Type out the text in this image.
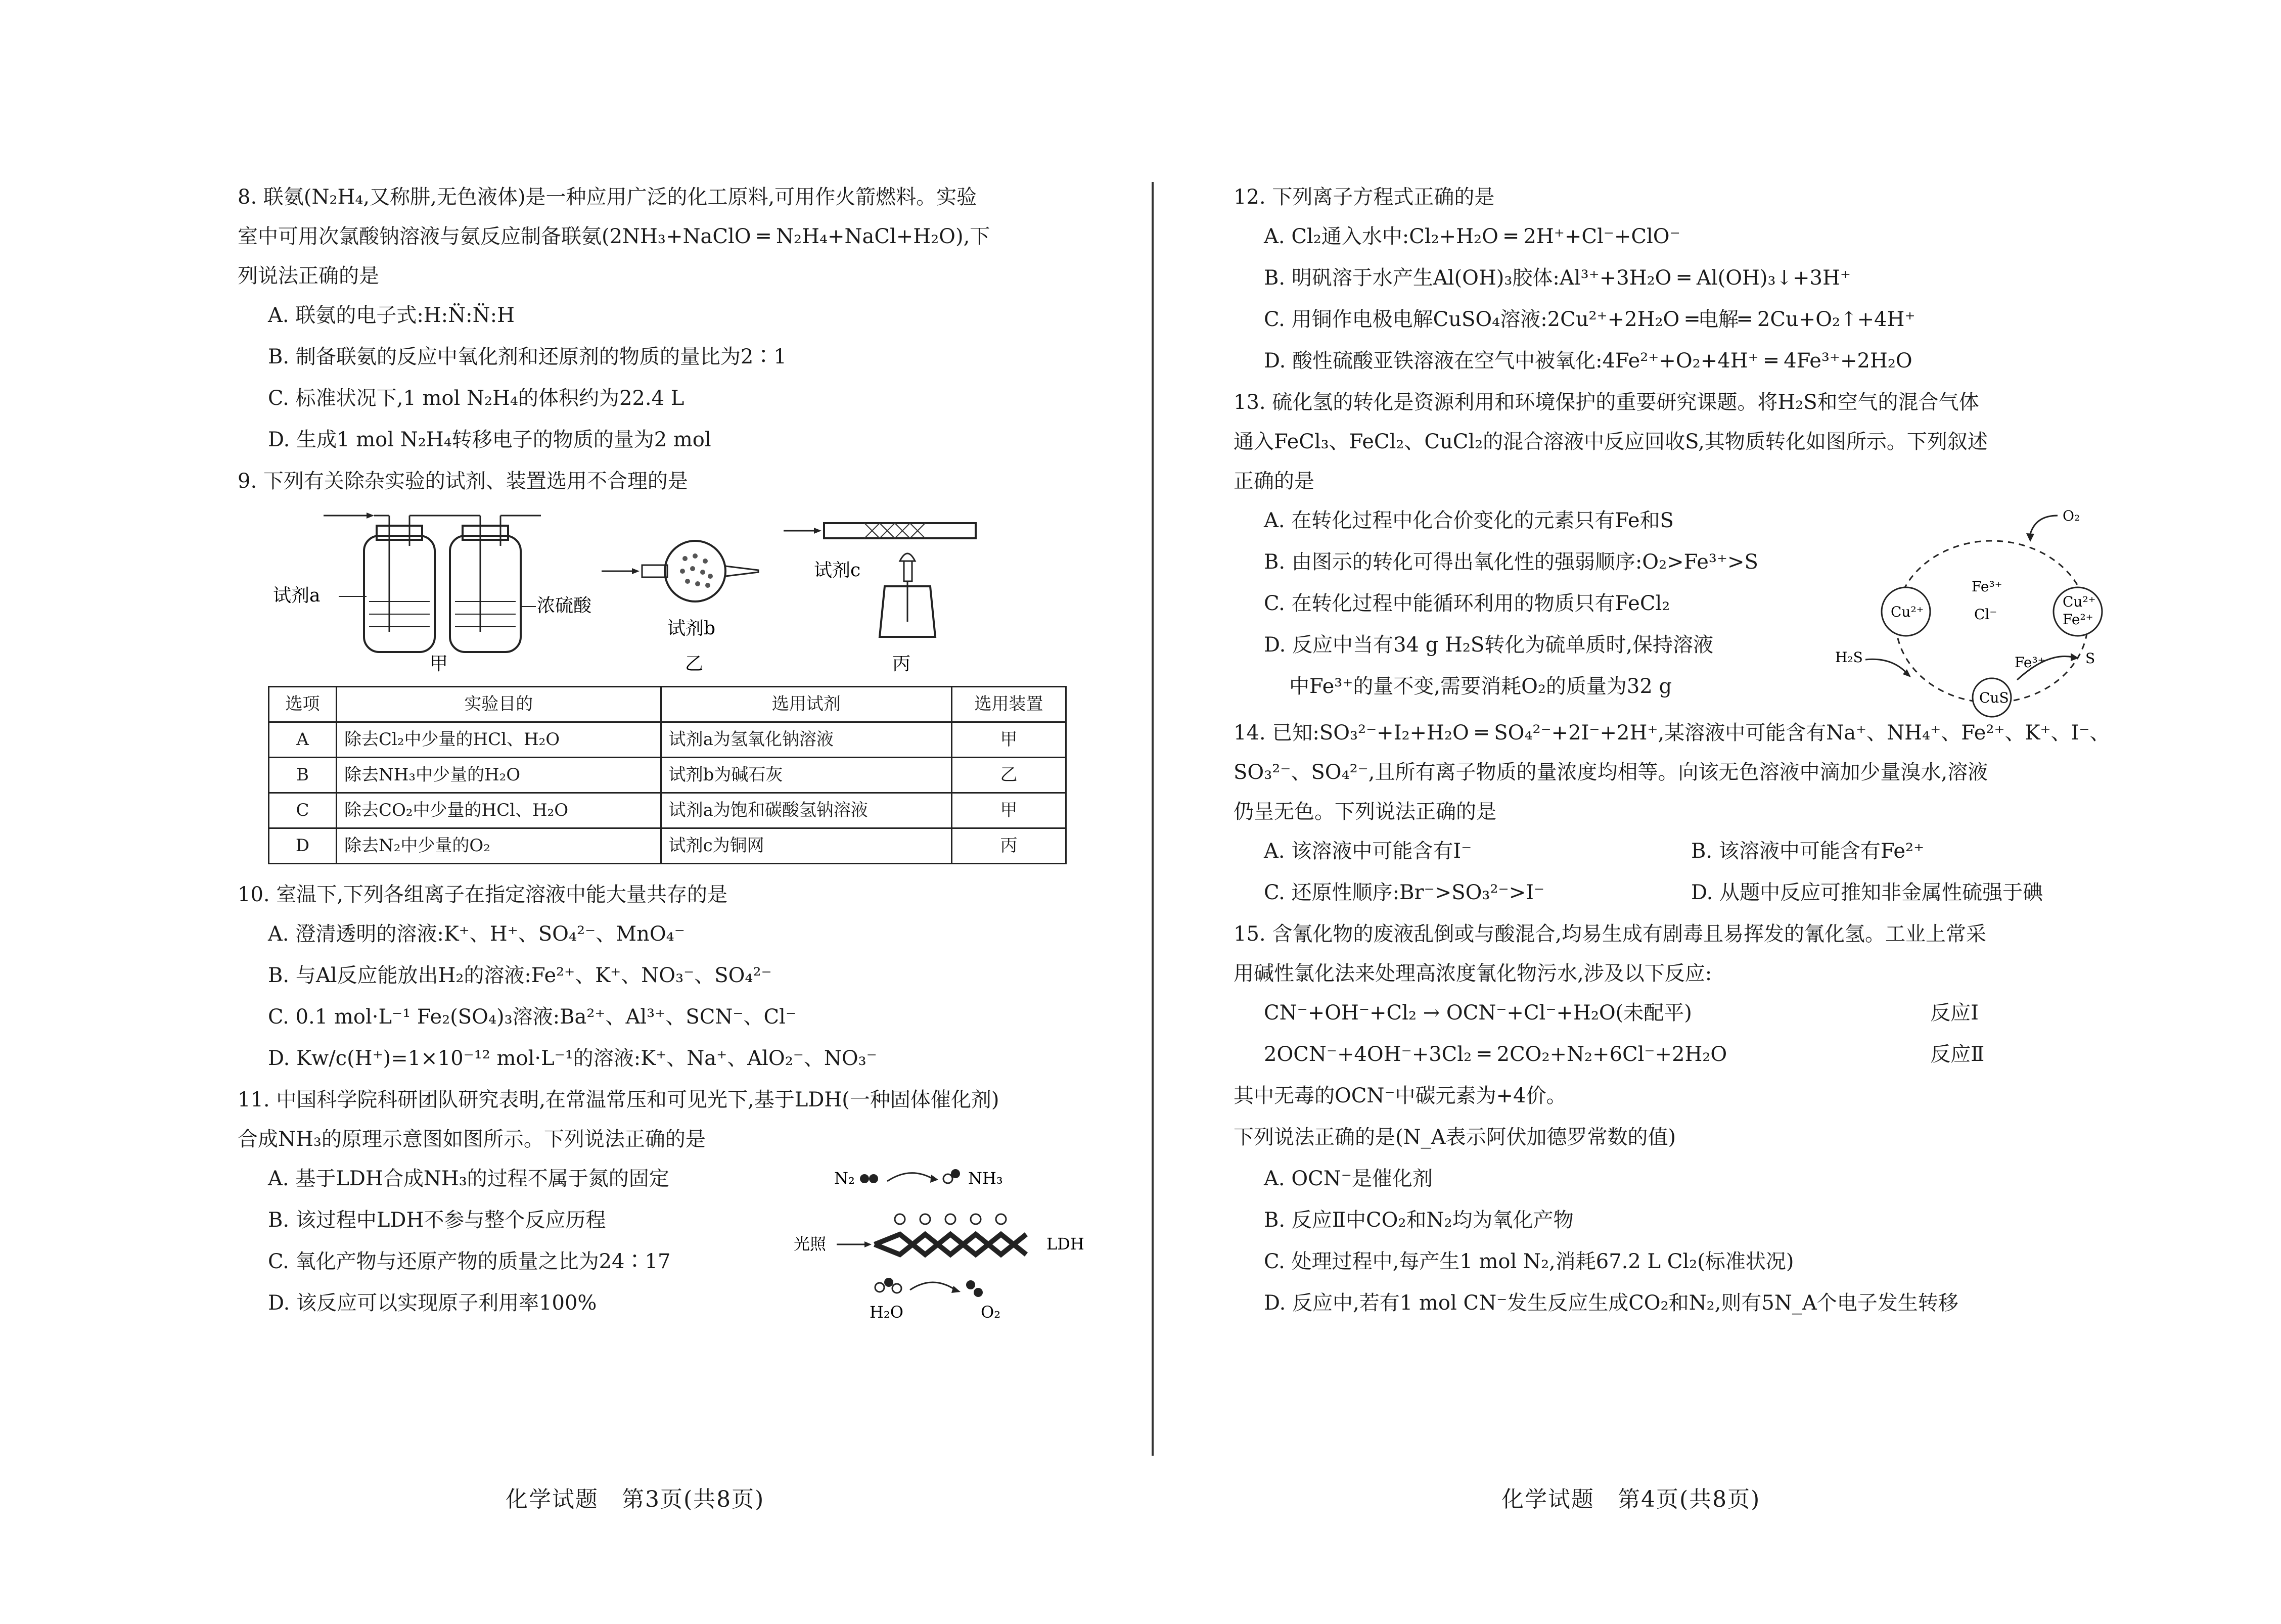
8. 联氨(N₂H₄,又称肼,无色液体)是一种应用广泛的化工原料,可用作火箭燃料。实验
室中可用次氯酸钠溶液与氨反应制备联氨(2NH₃+NaClO ═ N₂H₄+NaCl+H₂O),下
列说法正确的是
A. 联氨的电子式:H:N̈:N̈:H
B. 制备联氨的反应中氧化剂和还原剂的物质的量比为2∶1
C. 标准状况下,1 mol N₂H₄的体积约为22.4 L
D. 生成1 mol N₂H₄转移电子的物质的量为2 mol
9. 下列有关除杂实验的试剂、装置选用不合理的是
试剂a	浓硫酸
甲
试剂b
乙
试剂c
丙
选项	实验目的	选用试剂	选用装置
A	除去Cl₂中少量的HCl、H₂O	试剂a为氢氧化钠溶液	甲
B	除去NH₃中少量的H₂O	试剂b为碱石灰	乙
C	除去CO₂中少量的HCl、H₂O	试剂a为饱和碳酸氢钠溶液	甲
D	除去N₂中少量的O₂	试剂c为铜网	丙
10. 室温下,下列各组离子在指定溶液中能大量共存的是
A. 澄清透明的溶液:K⁺、H⁺、SO₄²⁻、MnO₄⁻
B. 与Al反应能放出H₂的溶液:Fe²⁺、K⁺、NO₃⁻、SO₄²⁻
C. 0.1 mol·L⁻¹ Fe₂(SO₄)₃溶液:Ba²⁺、Al³⁺、SCN⁻、Cl⁻
D. Kw/c(H⁺)=1×10⁻¹² mol·L⁻¹的溶液:K⁺、Na⁺、AlO₂⁻、NO₃⁻
11. 中国科学院科研团队研究表明,在常温常压和可见光下,基于LDH(一种固体催化剂)
合成NH₃的原理示意图如图所示。下列说法正确的是
A. 基于LDH合成NH₃的过程不属于氮的固定
B. 该过程中LDH不参与整个反应历程
C. 氧化产物与还原产物的质量之比为24∶17
D. 该反应可以实现原子利用率100%
N₂	NH₃
光照	LDH
H₂O	O₂
12. 下列离子方程式正确的是
A. Cl₂通入水中:Cl₂+H₂O ═ 2H⁺+Cl⁻+ClO⁻
B. 明矾溶于水产生Al(OH)₃胶体:Al³⁺+3H₂O ═ Al(OH)₃↓+3H⁺
C. 用铜作电极电解CuSO₄溶液:2Cu²⁺+2H₂O ═电解═ 2Cu+O₂↑+4H⁺
D. 酸性硫酸亚铁溶液在空气中被氧化:4Fe²⁺+O₂+4H⁺ ═ 4Fe³⁺+2H₂O
13. 硫化氢的转化是资源利用和环境保护的重要研究课题。将H₂S和空气的混合气体
通入FeCl₃、FeCl₂、CuCl₂的混合溶液中反应回收S,其物质转化如图所示。下列叙述
正确的是
A. 在转化过程中化合价变化的元素只有Fe和S
B. 由图示的转化可得出氧化性的强弱顺序:O₂>Fe³⁺>S
C. 在转化过程中能循环利用的物质只有FeCl₂
D. 反应中当有34 g H₂S转化为硫单质时,保持溶液
中Fe³⁺的量不变,需要消耗O₂的质量为32 g
Cu²⁺
Cu²⁺
Fe²⁺
CuS
Fe³⁺
Cl⁻
Fe³⁺
O₂
H₂S	S
14. 已知:SO₃²⁻+I₂+H₂O ═ SO₄²⁻+2I⁻+2H⁺,某溶液中可能含有Na⁺、NH₄⁺、Fe²⁺、K⁺、I⁻、
SO₃²⁻、SO₄²⁻,且所有离子物质的量浓度均相等。向该无色溶液中滴加少量溴水,溶液
仍呈无色。下列说法正确的是
A. 该溶液中可能含有I⁻	B. 该溶液中可能含有Fe²⁺
C. 还原性顺序:Br⁻>SO₃²⁻>I⁻	D. 从题中反应可推知非金属性硫强于碘
15. 含氰化物的废液乱倒或与酸混合,均易生成有剧毒且易挥发的氰化氢。工业上常采
用碱性氯化法来处理高浓度氰化物污水,涉及以下反应:
CN⁻+OH⁻+Cl₂ → OCN⁻+Cl⁻+H₂O(未配平)	反应Ⅰ
2OCN⁻+4OH⁻+3Cl₂ ═ 2CO₂+N₂+6Cl⁻+2H₂O	反应Ⅱ
其中无毒的OCN⁻中碳元素为+4价。
下列说法正确的是(N_A表示阿伏加德罗常数的值)
A. OCN⁻是催化剂
B. 反应Ⅱ中CO₂和N₂均为氧化产物
C. 处理过程中,每产生1 mol N₂,消耗67.2 L Cl₂(标准状况)
D. 反应中,若有1 mol CN⁻发生反应生成CO₂和N₂,则有5N_A个电子发生转移
化学试题　第3页(共8页)	化学试题　第4页(共8页)
